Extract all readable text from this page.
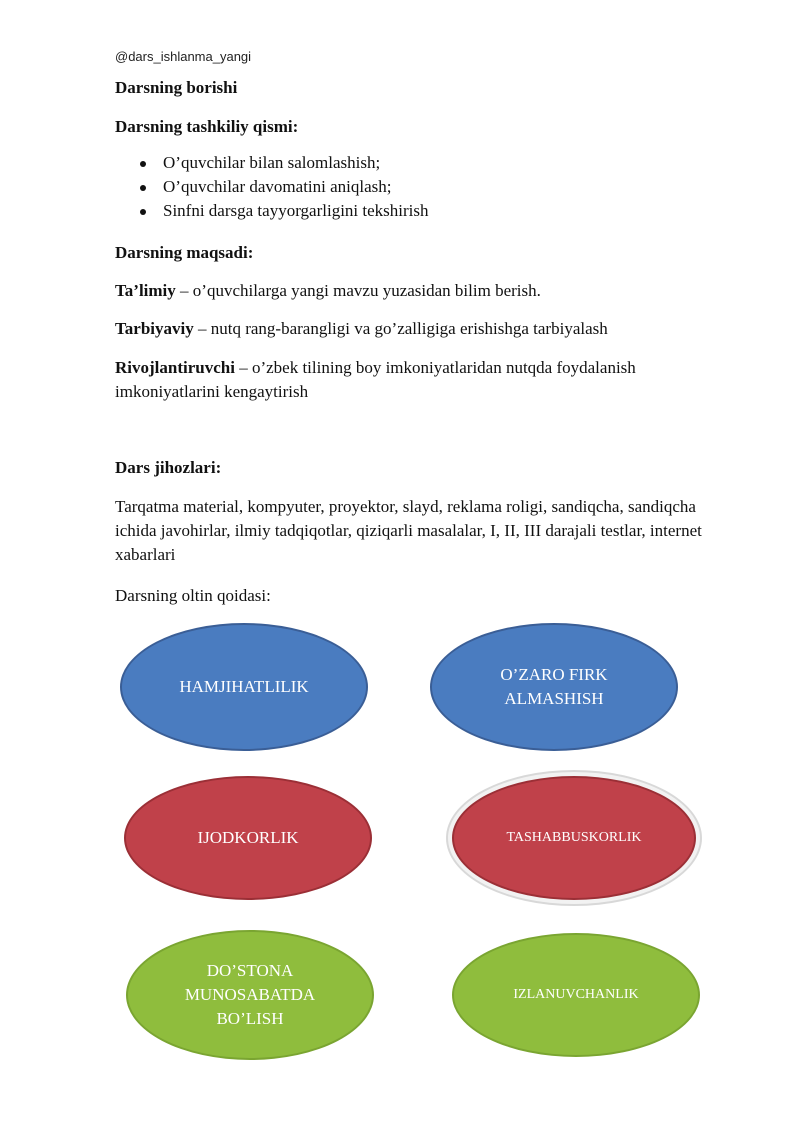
@dars_ishlanma_yangi
Darsning borishi
Darsning tashkiliy qismi:
O’quvchilar bilan salomlashish;
O’quvchilar davomatini aniqlash;
Sinfni darsga tayyorgarligini tekshirish
Darsning maqsadi:
Ta’limiy – o’quvchilarga yangi mavzu yuzasidan bilim berish.
Tarbiyaviy – nutq rang-barangligi va go’zalligiga erishishga tarbiyalash
Rivojlantiruvchi – o’zbek tilining boy imkoniyatlaridan nutqda foydalanish imkoniyatlarini kengaytirish
Dars jihozlari:
Tarqatma material, kompyuter, proyektor, slayd, reklama roligi, sandiqcha, sandiqcha ichida javohirlar, ilmiy tadqiqotlar, qiziqarli masalalar, I, II, III darajali testlar, internet xabarlari
Darsning oltin qoidasi:
HAMJIHATLILIK
O’ZARO FIRK ALMASHISH
IJODKORLIK	TASHABBUSKORLIK
DO’STONA MUNOSABATDA BO’LISH
IZLANUVCHANLIK
